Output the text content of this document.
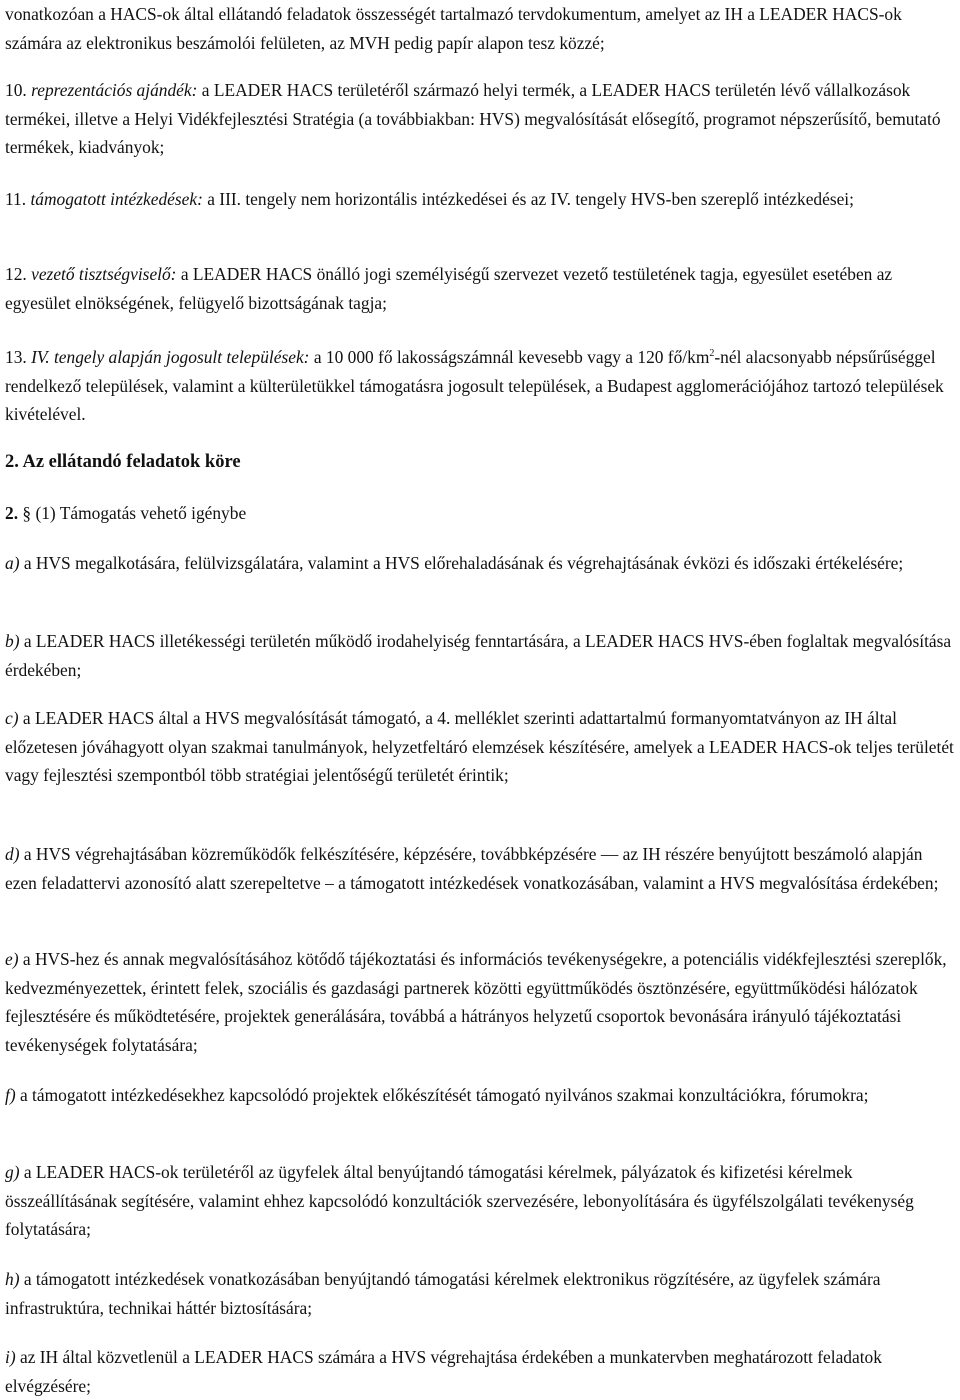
vonatkozóan a HACS-ok által ellátandó feladatok összességét tartalmazó tervdokumentum, amelyet az IH a LEADER HACS-ok számára az elektronikus beszámolói felületen, az MVH pedig papír alapon tesz közzé;

10. reprezentációs ajándék: a LEADER HACS területéről származó helyi termék, a LEADER HACS területén lévő vállalkozások termékei, illetve a Helyi Vidékfejlesztési Stratégia (a továbbiakban: HVS) megvalósítását elősegítő, programot népszerűsítő, bemutató termékek, kiadványok;

11. támogatott intézkedések: a III. tengely nem horizontális intézkedései és az IV. tengely HVS-ben szereplő intézkedései;

12. vezető tisztségviselő: a LEADER HACS önálló jogi személyiségű szervezet vezető testületének tagja, egyesület esetében az egyesület elnökségének, felügyelő bizottságának tagja;

13. IV. tengely alapján jogosult települések: a 10 000 fő lakosságszámnál kevesebb vagy a 120 $fő/km^2$-nél alacsonyabb népsűrűséggel rendelkező települések, valamint a külterületükkel támogatásra jogosult települések, a Budapest agglomerációjához tartozó települések kivételével.

2. Az ellátandó feladatok köre

2. § (1) Támogatás vehető igénybe

a) a HVS megalkotására, felülvizsgálatára, valamint a HVS előrehaladásának és végrehajtásának évközi és időszaki értékelésére;

b) a LEADER HACS illetékességi területén működő irodahelyiség fenntartására, a LEADER HACS HVS-ében foglaltak megvalósítása érdekében;

c) a LEADER HACS által a HVS megvalósítását támogató, a 4. melléklet szerinti adattartalmú formanyomtatványon az IH által előzetesen jóváhagyott olyan szakmai tanulmányok, helyzetfeltáró elemzések készítésére, amelyek a LEADER HACS-ok teljes területét vagy fejlesztési szempontból több stratégiai jelentőségű területét érintik;

d) a HVS végrehajtásában közreműködők felkészítésére, képzésére, továbbképzésére — az IH részére benyújtott beszámoló alapján ezen feladattervi azonosító alatt szerepeltetve – a támogatott intézkedések vonatkozásában, valamint a HVS megvalósítása érdekében;

e) a HVS-hez és annak megvalósításához kötődő tájékoztatási és információs tevékenységekre, a potenciális vidékfejlesztési szereplők, kedvezményezettek, érintett felek, szociális és gazdasági partnerek közötti együttműködés ösztönzésére, együttműködési hálózatok fejlesztésére és működtetésére, projektek generálására, továbbá a hátrányos helyzetű csoportok bevonására irányuló tájékoztatási tevékenységek folytatására;

f) a támogatott intézkedésekhez kapcsolódó projektek előkészítését támogató nyilvános szakmai konzultációkra, fórumokra;

g) a LEADER HACS-ok területéről az ügyfelek által benyújtandó támogatási kérelmek, pályázatok és kifizetési kérelmek összeállításának segítésére, valamint ehhez kapcsolódó konzultációk szervezésére, lebonyolítására és ügyfélszolgálati tevékenység folytatására;

h) a támogatott intézkedések vonatkozásában benyújtandó támogatási kérelmek elektronikus rögzítésére, az ügyfelek számára infrastruktúra, technikai háttér biztosítására;

i) az IH által közvetlenül a LEADER HACS számára a HVS végrehajtása érdekében a munkatervben meghatározott feladatok elvégzésére;
